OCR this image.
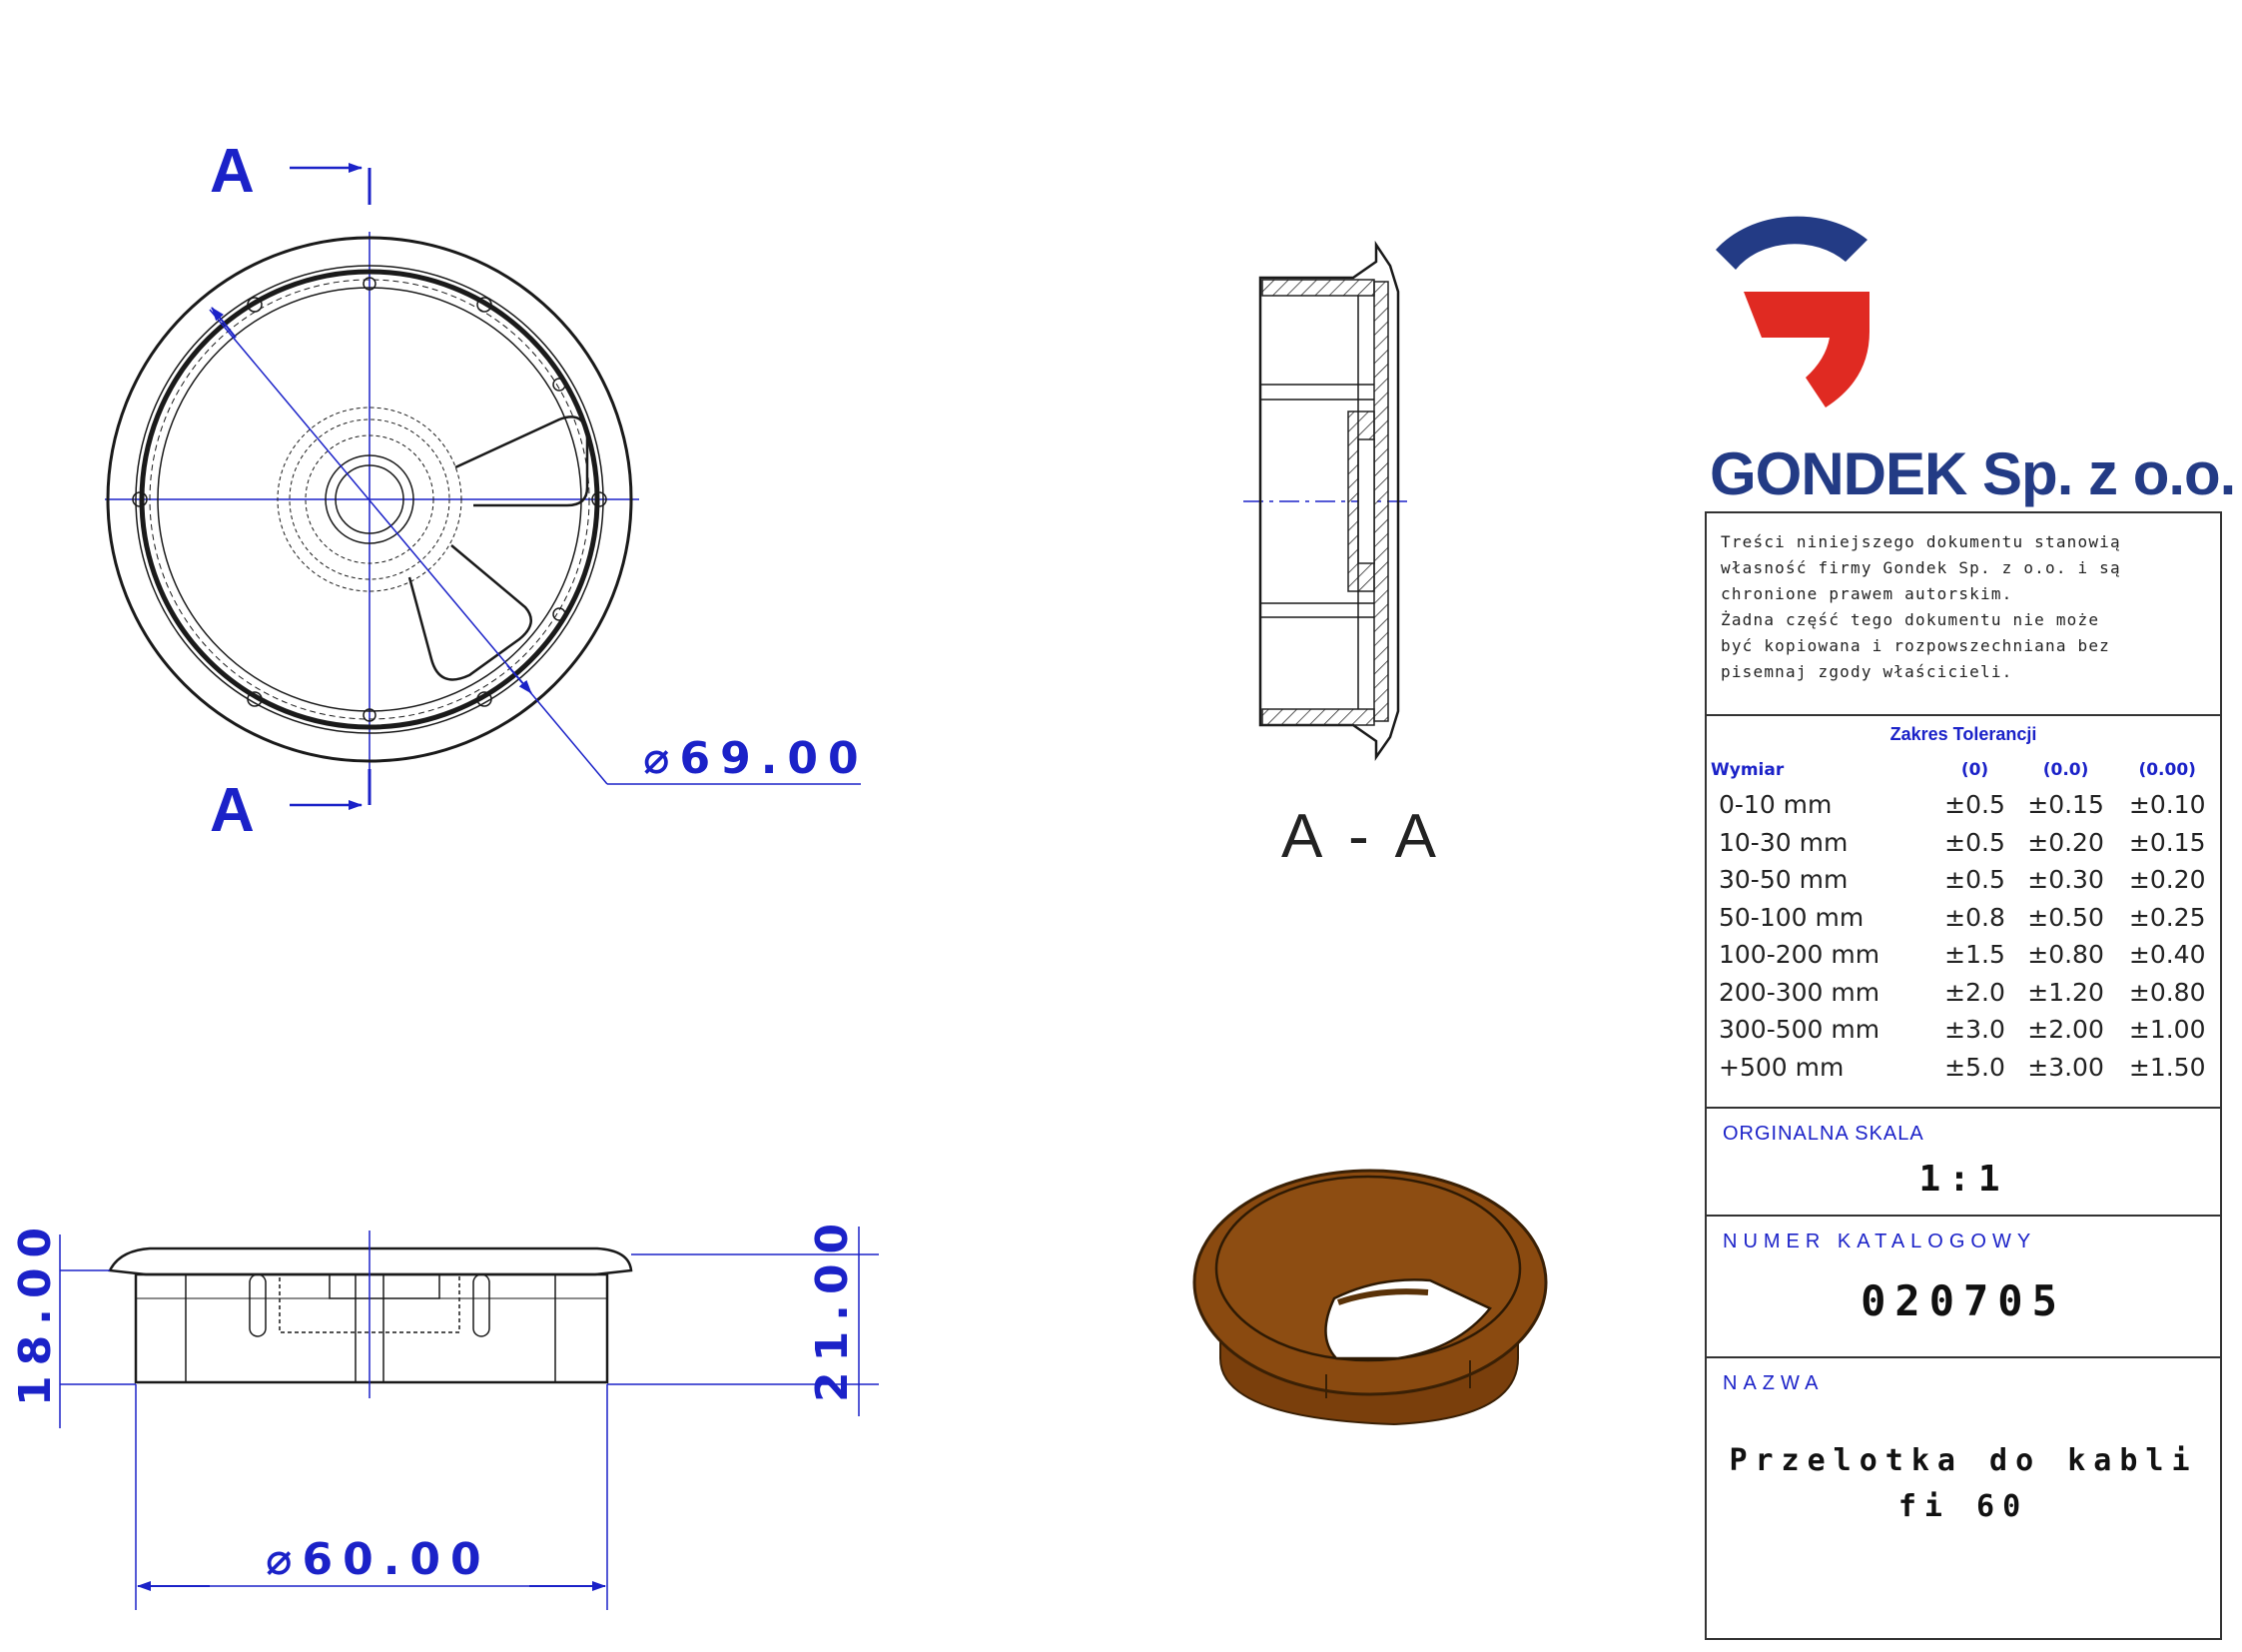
A
A
⌀69.00
A - A
18.00	21.00
⌀60.00
GONDEK Sp. z o.o.
Treści niniejszego dokumentu stanowią
własność firmy Gondek Sp. z o.o. i są
chronione prawem autorskim.
Żadna część tego dokumentu nie może
być kopiowana i rozpowszechniana bez
pisemnaj zgody właścicieli.
Zakres Tolerancji
Wymiar	(0)	(0.0)	(0.00)
0-10 mm	±0.5	±0.15	±0.10
10-30 mm	±0.5	±0.20	±0.15
30-50 mm	±0.5	±0.30	±0.20
50-100 mm	±0.8	±0.50	±0.25
100-200 mm	±1.5	±0.80	±0.40
200-300 mm	±2.0	±1.20	±0.80
300-500 mm	±3.0	±2.00	±1.00
+500 mm	±5.0	±3.00	±1.50
ORGINALNA SKALA
1:1
NUMER KATALOGOWY
020705
NAZWA
Przelotka do kabli
fi 60
